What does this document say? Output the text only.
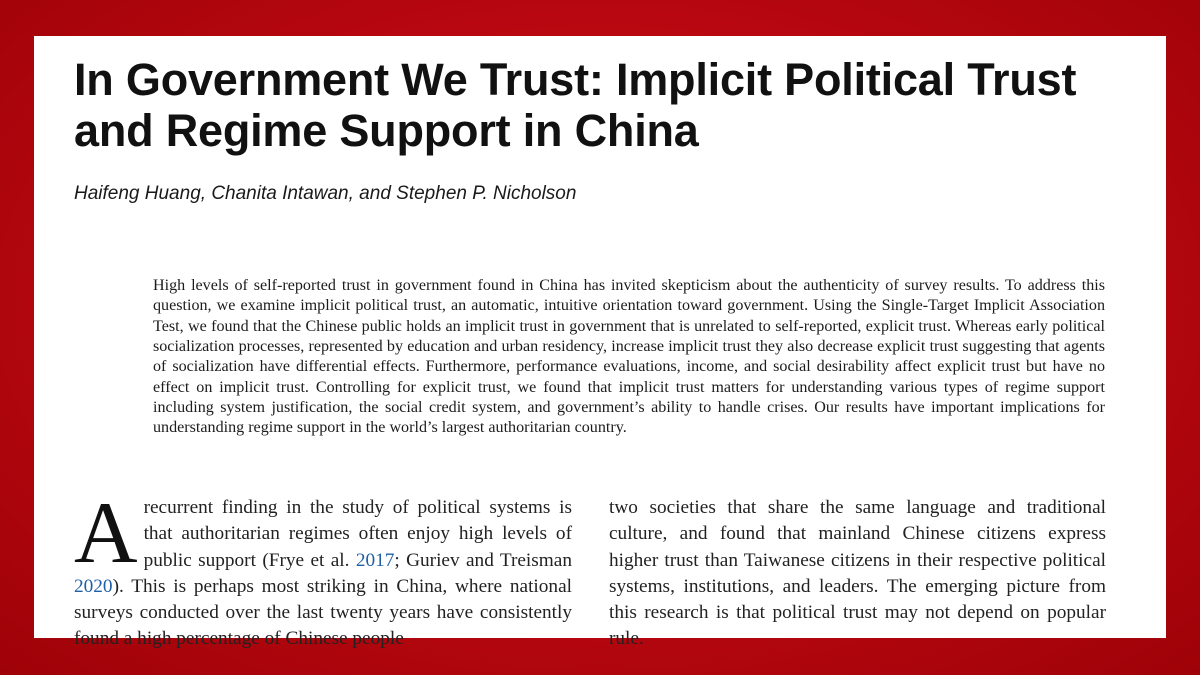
In Government We Trust: Implicit Political Trust and Regime Support in China
Haifeng Huang, Chanita Intawan, and Stephen P. Nicholson

High levels of self-reported trust in government found in China has invited skepticism about the authenticity of survey results. To address this question, we examine implicit political trust, an automatic, intuitive orientation toward government. Using the Single-Target Implicit Association Test, we found that the Chinese public holds an implicit trust in government that is unrelated to self-reported, explicit trust. Whereas early political socialization processes, represented by education and urban residency, increase implicit trust they also decrease explicit trust suggesting that agents of socialization have differential effects. Furthermore, performance evaluations, income, and social desirability affect explicit trust but have no effect on implicit trust. Controlling for explicit trust, we found that implicit trust matters for understanding various types of regime support including system justification, the social credit system, and government’s ability to handle crises. Our results have important implications for understanding regime support in the world’s largest authoritarian country.

Arecurrent finding in the study of political systems is that authoritarian regimes often enjoy high levels of public support (Frye et al. 2017; Guriev and Treisman 2020). This is perhaps most striking in China, where national surveys conducted over the last twenty years have consistently found a high percentage of Chinese people
two societies that share the same language and traditional culture, and found that mainland Chinese citizens express higher trust than Taiwanese citizens in their respective political systems, institutions, and leaders. The emerging picture from this research is that political trust may not depend on popular rule.
